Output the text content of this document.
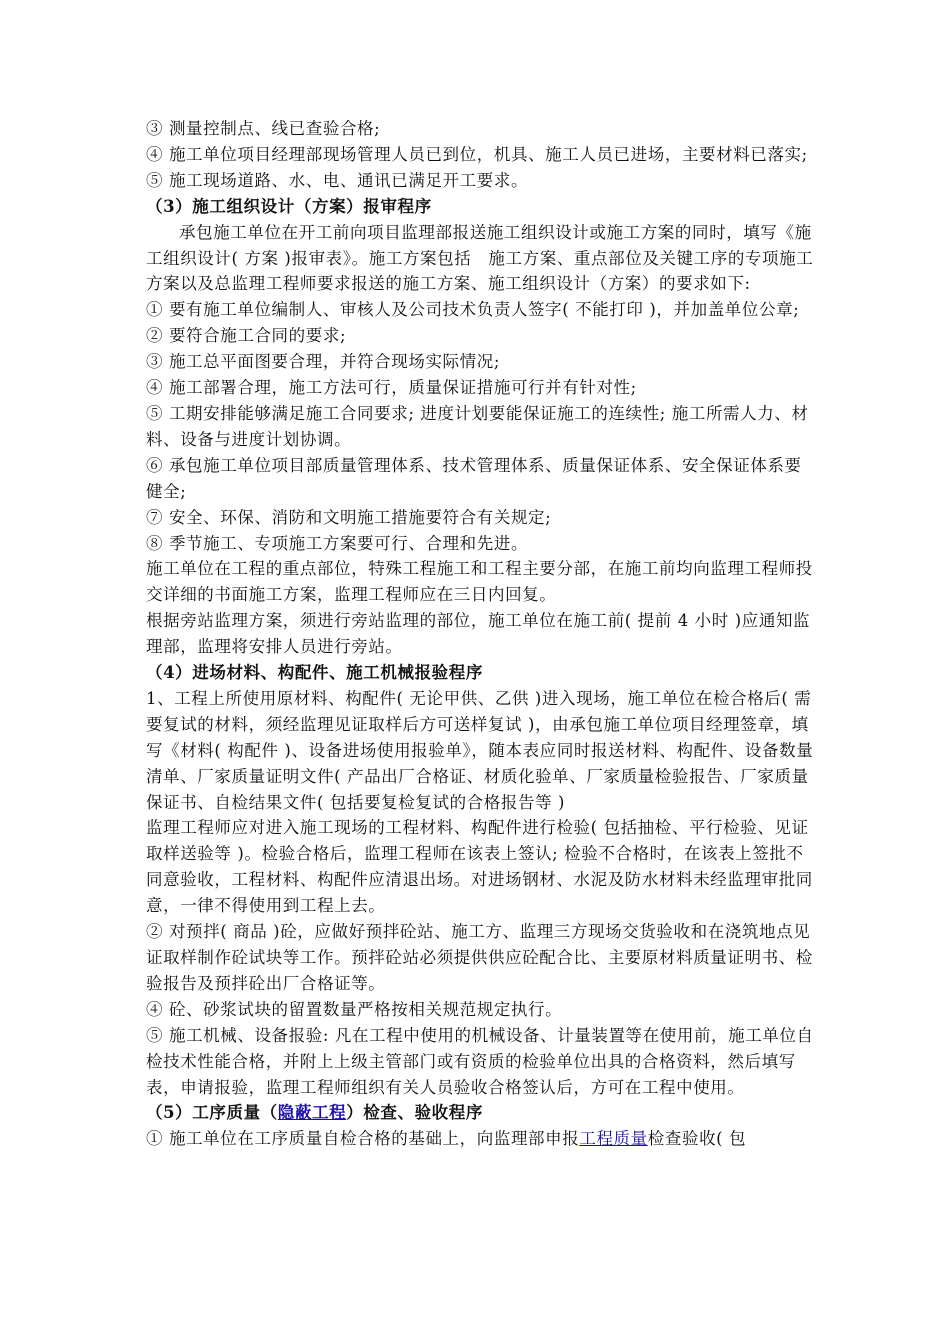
③ 测量控制点、线已查验合格;

④ 施工单位项目经理部现场管理人员已到位，机具、施工人员已进场，主要材料已落实;

⑤ 施工现场道路、水、电、通讯已满足开工要求。

（3）施工组织设计（方案）报审程序

承包施工单位在开工前向项目监理部报送施工组织设计或施工方案的同时，填写《施工组织设计( 方案 )报审表》。施工方案包括　施工方案、重点部位及关键工序的专项施工方案以及总监理工程师要求报送的施工方案、施工组织设计（方案）的要求如下:

① 要有施工单位编制人、审核人及公司技术负责人签字( 不能打印 )，并加盖单位公章;

② 要符合施工合同的要求;

③ 施工总平面图要合理，并符合现场实际情况;

④ 施工部署合理，施工方法可行，质量保证措施可行并有针对性;

⑤ 工期安排能够满足施工合同要求; 进度计划要能保证施工的连续性; 施工所需人力、材料、设备与进度计划协调。

⑥ 承包施工单位项目部质量管理体系、技术管理体系、质量保证体系、安全保证体系要健全;

⑦ 安全、环保、消防和文明施工措施要符合有关规定;

⑧ 季节施工、专项施工方案要可行、合理和先进。

施工单位在工程的重点部位，特殊工程施工和工程主要分部，在施工前均向监理工程师投交详细的书面施工方案，监理工程师应在三日内回复。

根据旁站监理方案，须进行旁站监理的部位，施工单位在施工前( 提前 4 小时 )应通知监理部，监理将安排人员进行旁站。

（4）进场材料、构配件、施工机械报验程序

1、工程上所使用原材料、构配件( 无论甲供、乙供 )进入现场，施工单位在检合格后( 需要复试的材料，须经监理见证取样后方可送样复试 )，由承包施工单位项目经理签章，填写《材料( 构配件 )、设备进场使用报验单》，随本表应同时报送材料、构配件、设备数量清单、厂家质量证明文件( 产品出厂合格证、材质化验单、厂家质量检验报告、厂家质量保证书、自检结果文件( 包括要复检复试的合格报告等 )

监理工程师应对进入施工现场的工程材料、构配件进行检验( 包括抽检、平行检验、见证取样送验等 )。检验合格后，监理工程师在该表上签认; 检验不合格时，在该表上签批不同意验收，工程材料、构配件应清退出场。对进场钢材、水泥及防水材料未经监理审批同意，一律不得使用到工程上去。

② 对预拌( 商品 )砼，应做好预拌砼站、施工方、监理三方现场交货验收和在浇筑地点见证取样制作砼试块等工作。预拌砼站必须提供供应砼配合比、主要原材料质量证明书、检验报告及预拌砼出厂合格证等。

④ 砼、砂浆试块的留置数量严格按相关规范规定执行。

⑤ 施工机械、设备报验: 凡在工程中使用的机械设备、计量装置等在使用前，施工单位自检技术性能合格，并附上上级主管部门或有资质的检验单位出具的合格资料，然后填写表，申请报验，监理工程师组织有关人员验收合格签认后，方可在工程中使用。

（5）工序质量（隐蔽工程）检查、验收程序

① 施工单位在工序质量自检合格的基础上，向监理部申报工程质量检查验收( 包
